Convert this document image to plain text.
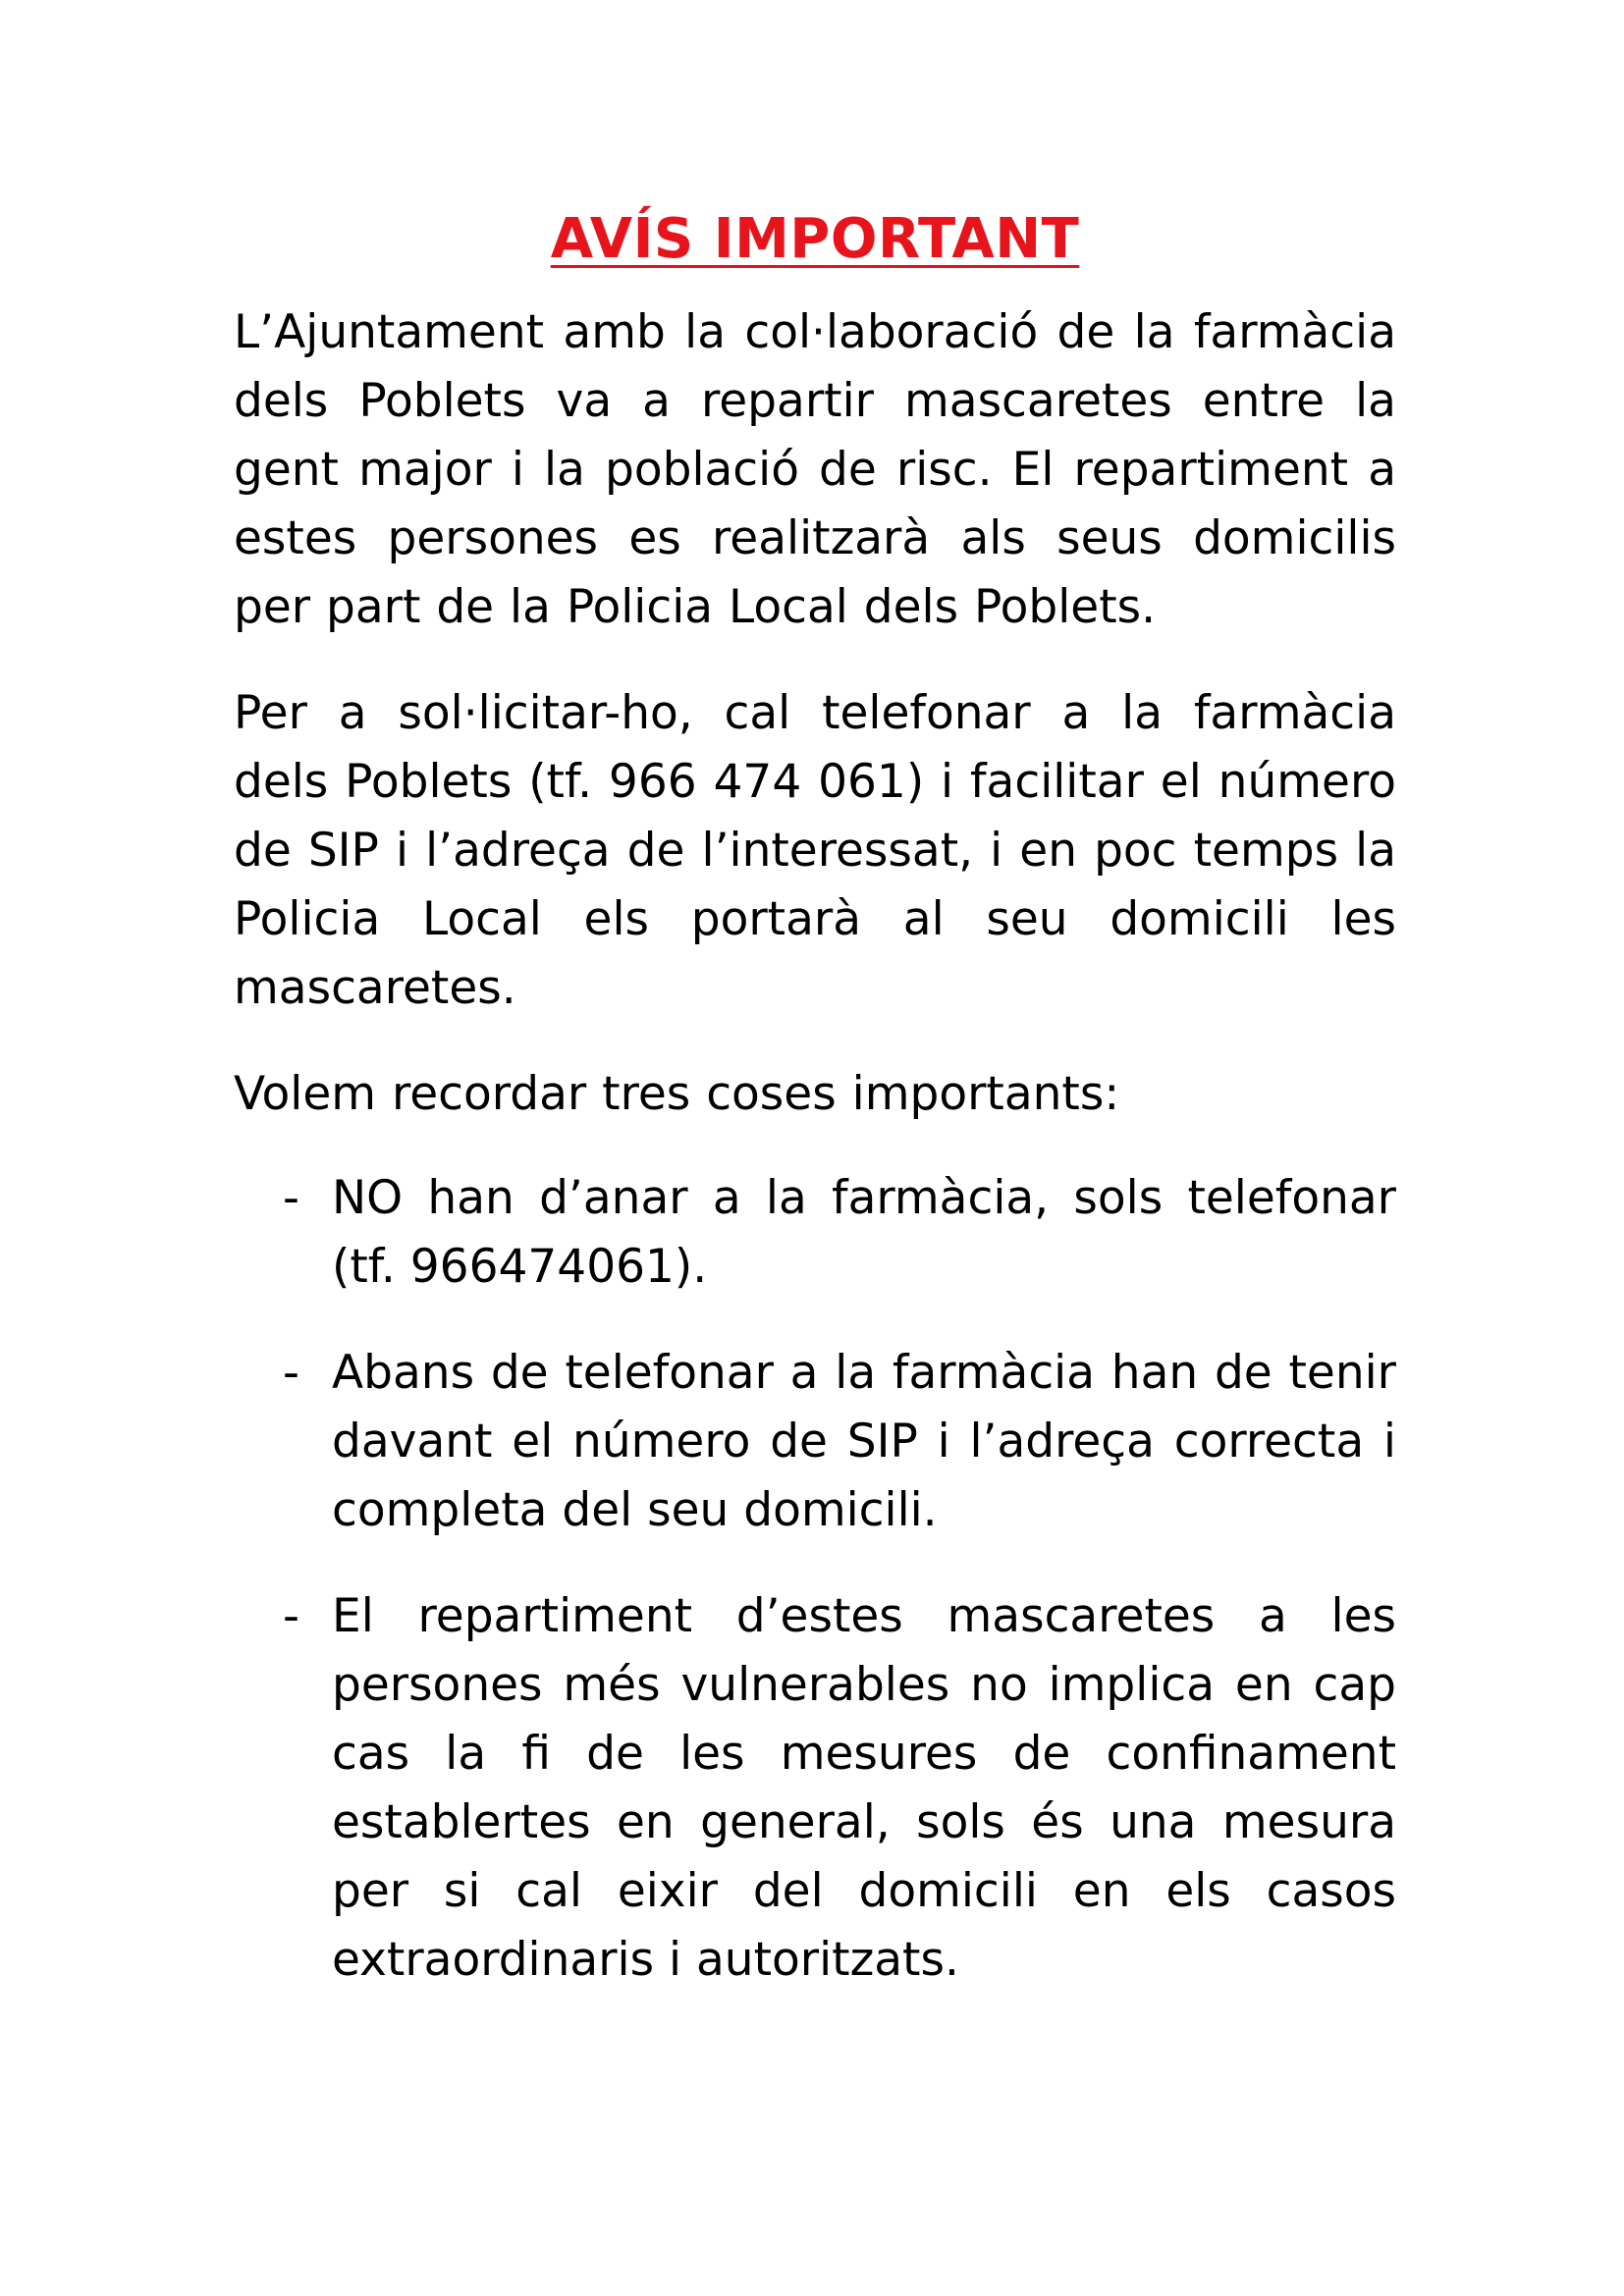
AVÍS IMPORTANT

L’Ajuntament amb la col·laboració de la farmàcia dels Poblets va a repartir mascaretes entre la gent major i la població de risc. El repartiment a estes persones es realitzarà als seus domicilis per part de la Policia Local dels Poblets.

Per a sol·licitar-ho, cal telefonar a la farmàcia dels Poblets (tf. 966 474 061) i facilitar el número de SIP i l’adreça de l’interessat, i en poc temps la Policia Local els portarà al seu domicili les mascaretes.

Volem recordar tres coses importants:

- NO han d’anar a la farmàcia, sols telefonar (tf. 966474061).
- Abans de telefonar a la farmàcia han de tenir davant el número de SIP i l’adreça correcta i completa del seu domicili.
- El repartiment d’estes mascaretes a les persones més vulnerables no implica en cap cas la fi de les mesures de confinament establertes en general, sols és una mesura per si cal eixir del domicili en els casos extraordinaris i autoritzats.
